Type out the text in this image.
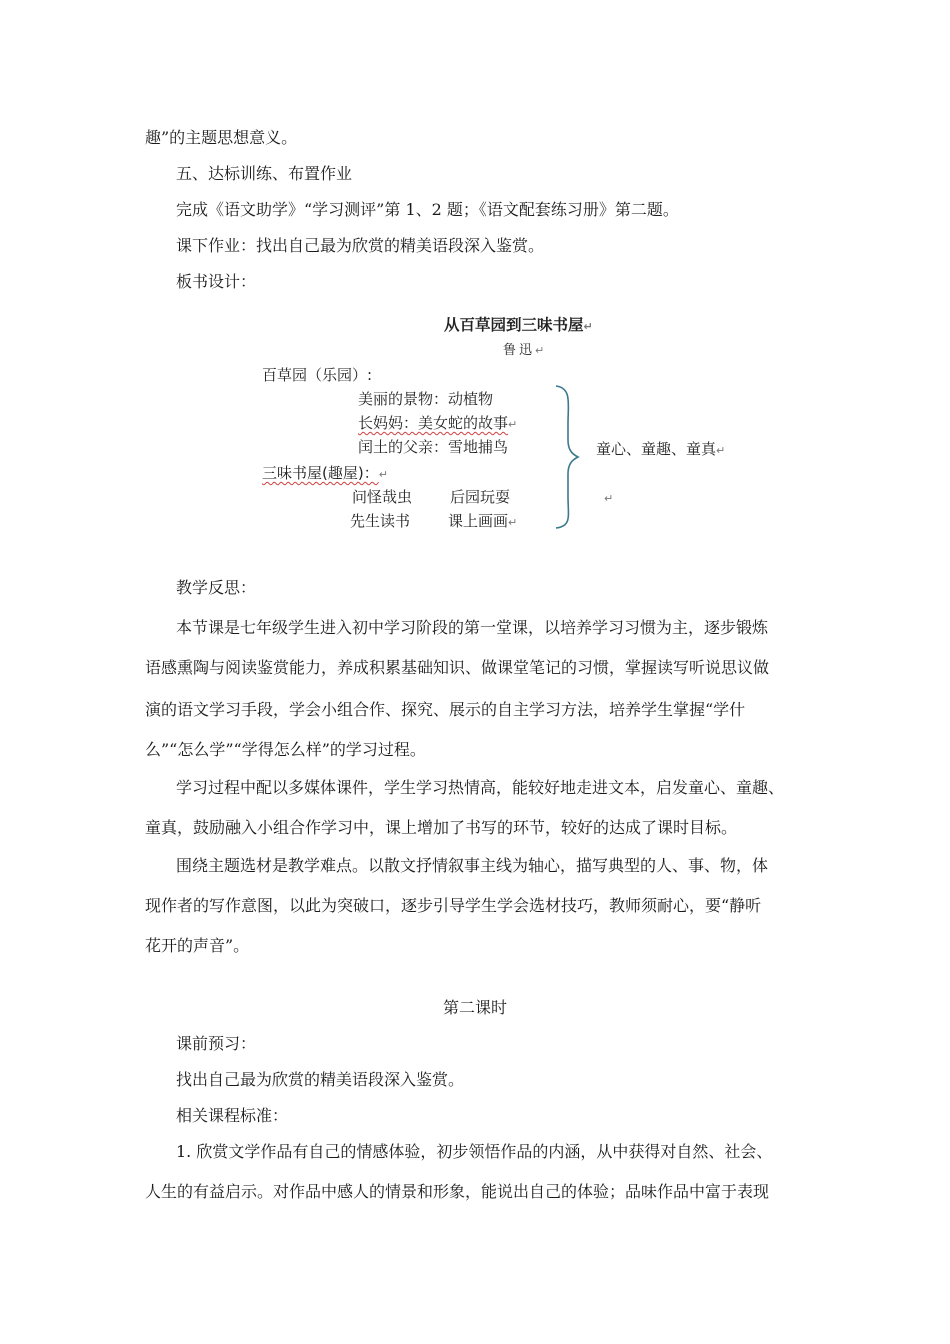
趣”的主题思想意义。
五、达标训练、布置作业
完成《语文助学》“学习测评”第 1、2 题；《语文配套练习册》第二题。
课下作业：找出自己最为欣赏的精美语段深入鉴赏。
板书设计：
从百草园到三味书屋↵
鲁迅↵
百草园（乐园）:
美丽的景物：动植物
长妈妈：美女蛇的故事↵
闰土的父亲：雪地捕鸟
三味书屋(趣屋)：↵
问怪哉虫	后园玩耍
先生读书	课上画画↵
童心、童趣、童真↵
↵
教学反思：
本节课是七年级学生进入初中学习阶段的第一堂课，以培养学习习惯为主，逐步锻炼
语感熏陶与阅读鉴赏能力，养成积累基础知识、做课堂笔记的习惯，掌握读写听说思议做
演的语文学习手段，学会小组合作、探究、展示的自主学习方法，培养学生掌握“学什
么”“怎么学”“学得怎么样”的学习过程。
学习过程中配以多媒体课件，学生学习热情高，能较好地走进文本，启发童心、童趣、
童真，鼓励融入小组合作学习中，课上增加了书写的环节，较好的达成了课时目标。
围绕主题选材是教学难点。以散文抒情叙事主线为轴心，描写典型的人、事、物，体
现作者的写作意图，以此为突破口，逐步引导学生学会选材技巧，教师须耐心，要“静听
花开的声音”。
第二课时
课前预习：
找出自己最为欣赏的精美语段深入鉴赏。
相关课程标准：
1. 欣赏文学作品有自己的情感体验，初步领悟作品的内涵，从中获得对自然、社会、
人生的有益启示。对作品中感人的情景和形象，能说出自己的体验；品味作品中富于表现
